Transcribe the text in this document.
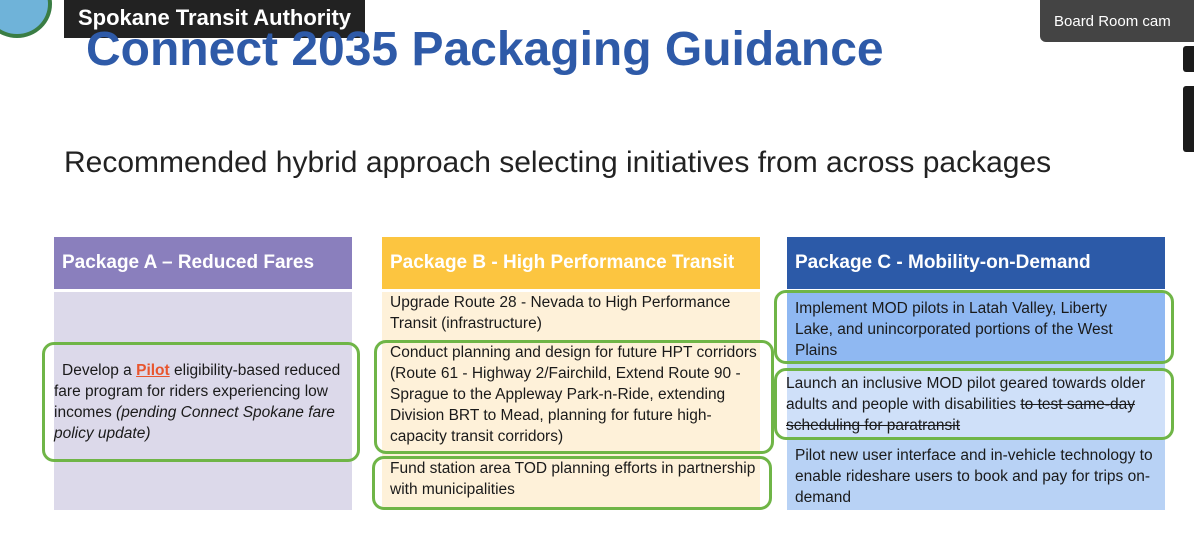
Spokane Transit Authority	Board Room cam
Connect 2035 Packaging Guidance
Recommended hybrid approach selecting initiatives from across packages
Package A – Reduced Fares
Develop a Pilot eligibility-based reduced fare program for riders experiencing low incomes (pending Connect Spokane fare policy update)
Package B - High Performance Transit
Upgrade Route 28 - Nevada to High Performance Transit (infrastructure)
Conduct planning and design for future HPT corridors (Route 61 - Highway 2/Fairchild, Extend Route 90 - Sprague to the Appleway Park-n-Ride, extending Division BRT to Mead, planning for future high-capacity transit corridors)
Fund station area TOD planning efforts in partnership with municipalities
Package C - Mobility-on-Demand
Implement MOD pilots in Latah Valley, Liberty Lake, and unincorporated portions of the West Plains
Launch an inclusive MOD pilot geared towards older adults and people with disabilities to test same-day scheduling for paratransit
Pilot new user interface and in-vehicle technology to enable rideshare users to book and pay for trips on-demand
